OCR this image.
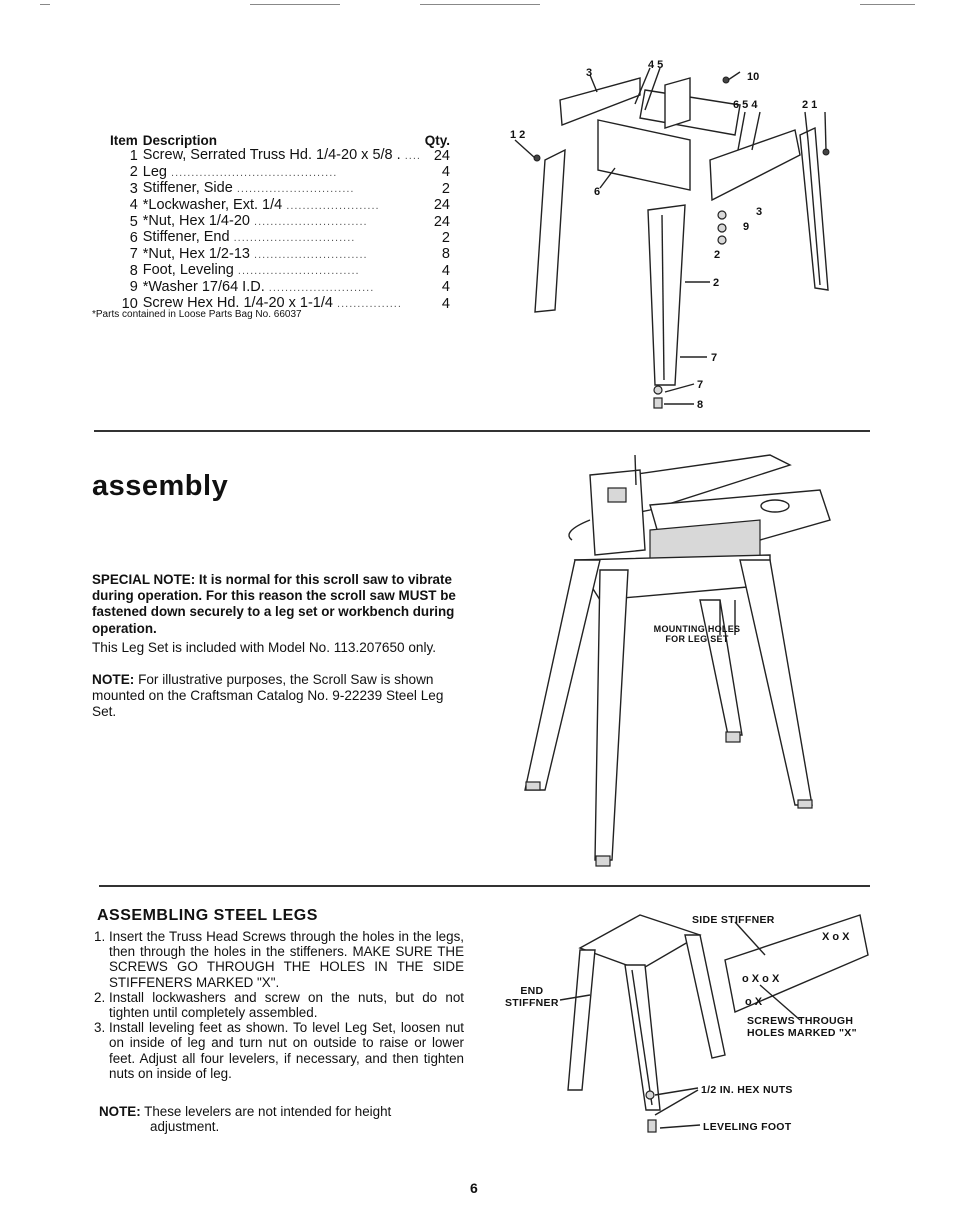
Item	Description	Qty.
1	Screw, Serrated Truss Hd. 1/4-20 x 5/8 . ....	24
2	Leg .........................................	4
3	Stiffener, Side .............................	2
4	*Lockwasher, Ext. 1/4 .......................	24
5	*Nut, Hex 1/4-20 ............................	24
6	Stiffener, End ..............................	2
7	*Nut, Hex 1/2-13 ............................	8
8	Foot, Leveling ..............................	4
9	*Washer 17/64 I.D. ..........................	4
10	Screw Hex Hd. 1/4-20 x 1-1/4 ................	4
*Parts contained in Loose Parts Bag No. 66037
4 5
3	10
1 2
6 5 4	2 1
6
3
9
2
2
7
7
8
assembly
SPECIAL NOTE: It is normal for this scroll saw to vibrate during operation. For this reason the scroll saw MUST be fastened down securely to a leg set or workbench during operation.
This Leg Set is included with Model No. 113.207650 only.
NOTE: For illustrative purposes, the Scroll Saw is shown mounted on the Craftsman Catalog No. 9-22239 Steel Leg Set.
MOUNTING HOLES
FOR LEG SET
ASSEMBLING STEEL LEGS
1. Insert the Truss Head Screws through the holes in the legs, then through the holes in the stiffeners. MAKE SURE THE SCREWS GO THROUGH THE HOLES IN THE SIDE STIFFENERS MARKED "X".
2. Install lockwashers and screw on the nuts, but do not tighten until completely assembled.
3. Install leveling feet as shown. To level Leg Set, loosen nut on inside of leg and turn nut on outside to raise or lower feet. Adjust all four levelers, if necessary, and then tighten nuts on inside of leg.
NOTE: These levelers are not intended for height
adjustment.
o X o X
X o X
o X
SIDE STIFFNER
END
STIFFNER
SCREWS THROUGH
HOLES MARKED "X"
1/2 IN. HEX NUTS
LEVELING FOOT
6
